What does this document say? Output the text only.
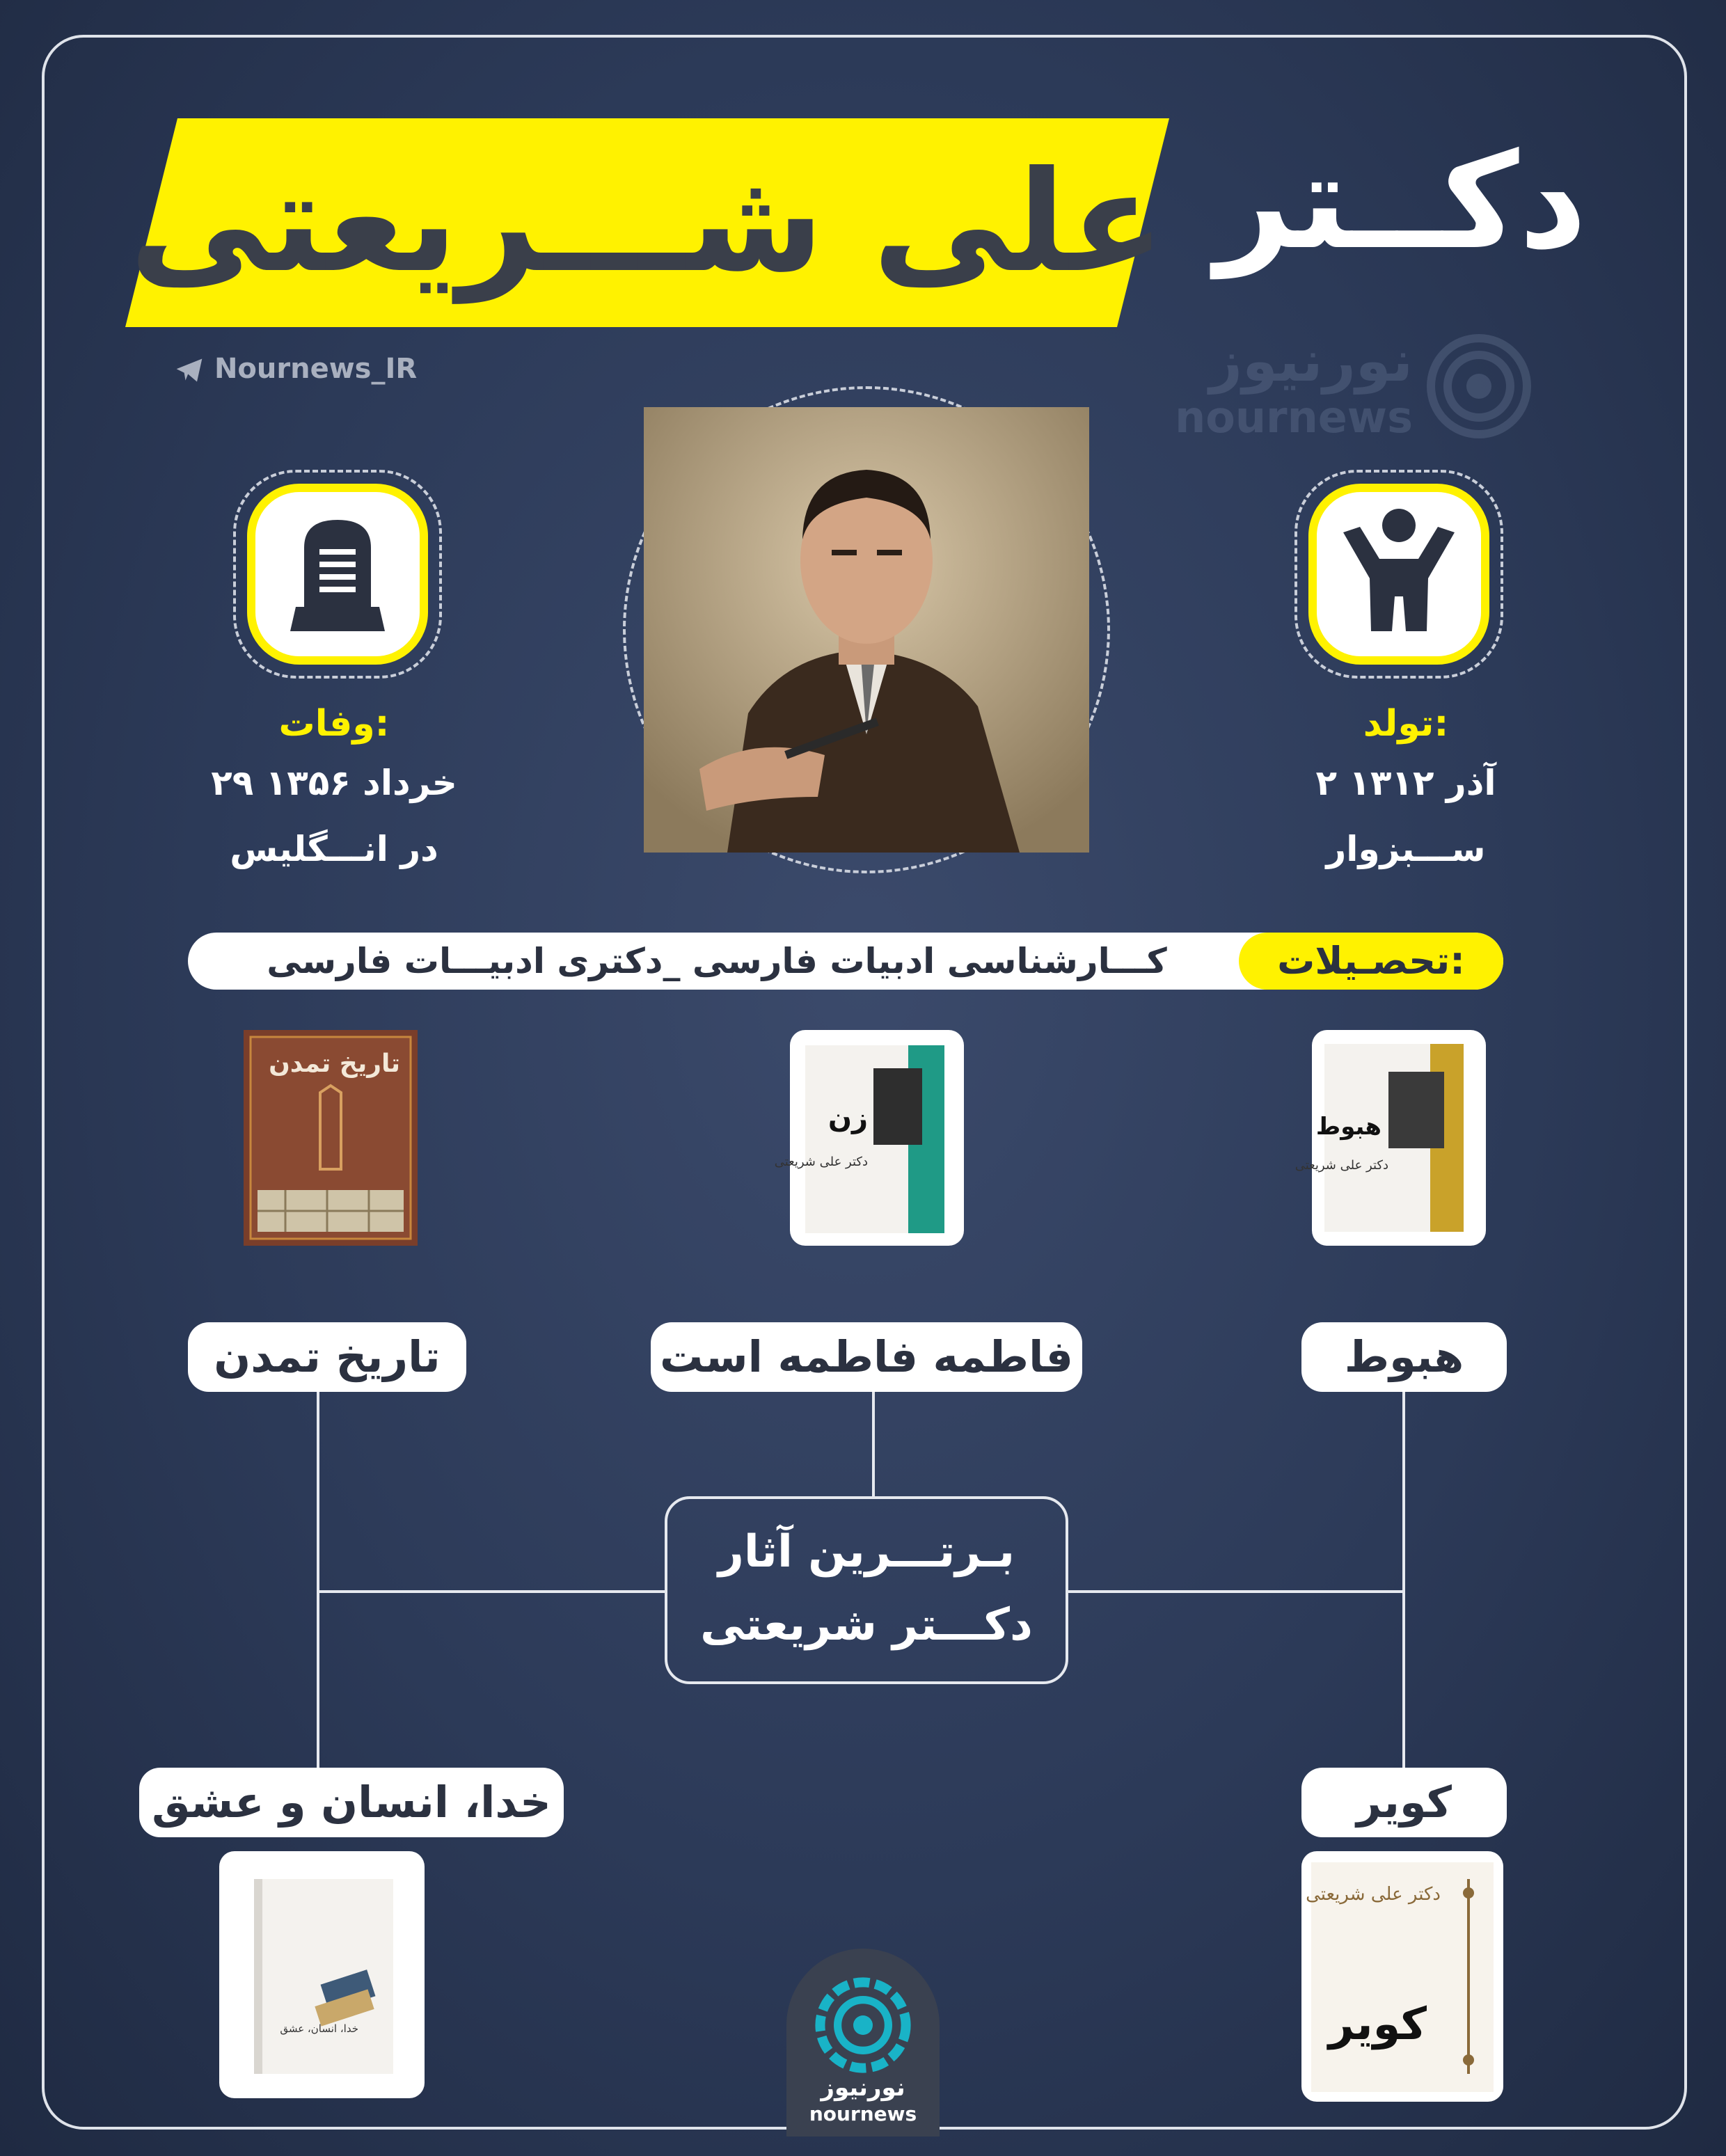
علی شـــریعتی دکــتر
Nournews_IR	نورنیوز
nournews
وفات:
۲۹ خرداد ۱۳۵۶
در انـــگلیس
تولد:
۲ آذر ۱۳۱۲
ســـبزوار
تحصـیلات:
کـــارشناسی ادبیات فارسی _دکتری ادبیـــات فارسی
هبوط
دکتر علی شریعتی
زن
دکتر علی شریعتی
تاریخ تمدن
هبوط
فاطمه فاطمه است
تاریخ تمدن
بـرتـــرین آثار
دکـــتر شریعتی
کویر
خدا، انسان و عشق
دکتر علی شریعتی
کویر
خدا، انسان، عشق
نورنیوز
nournews
